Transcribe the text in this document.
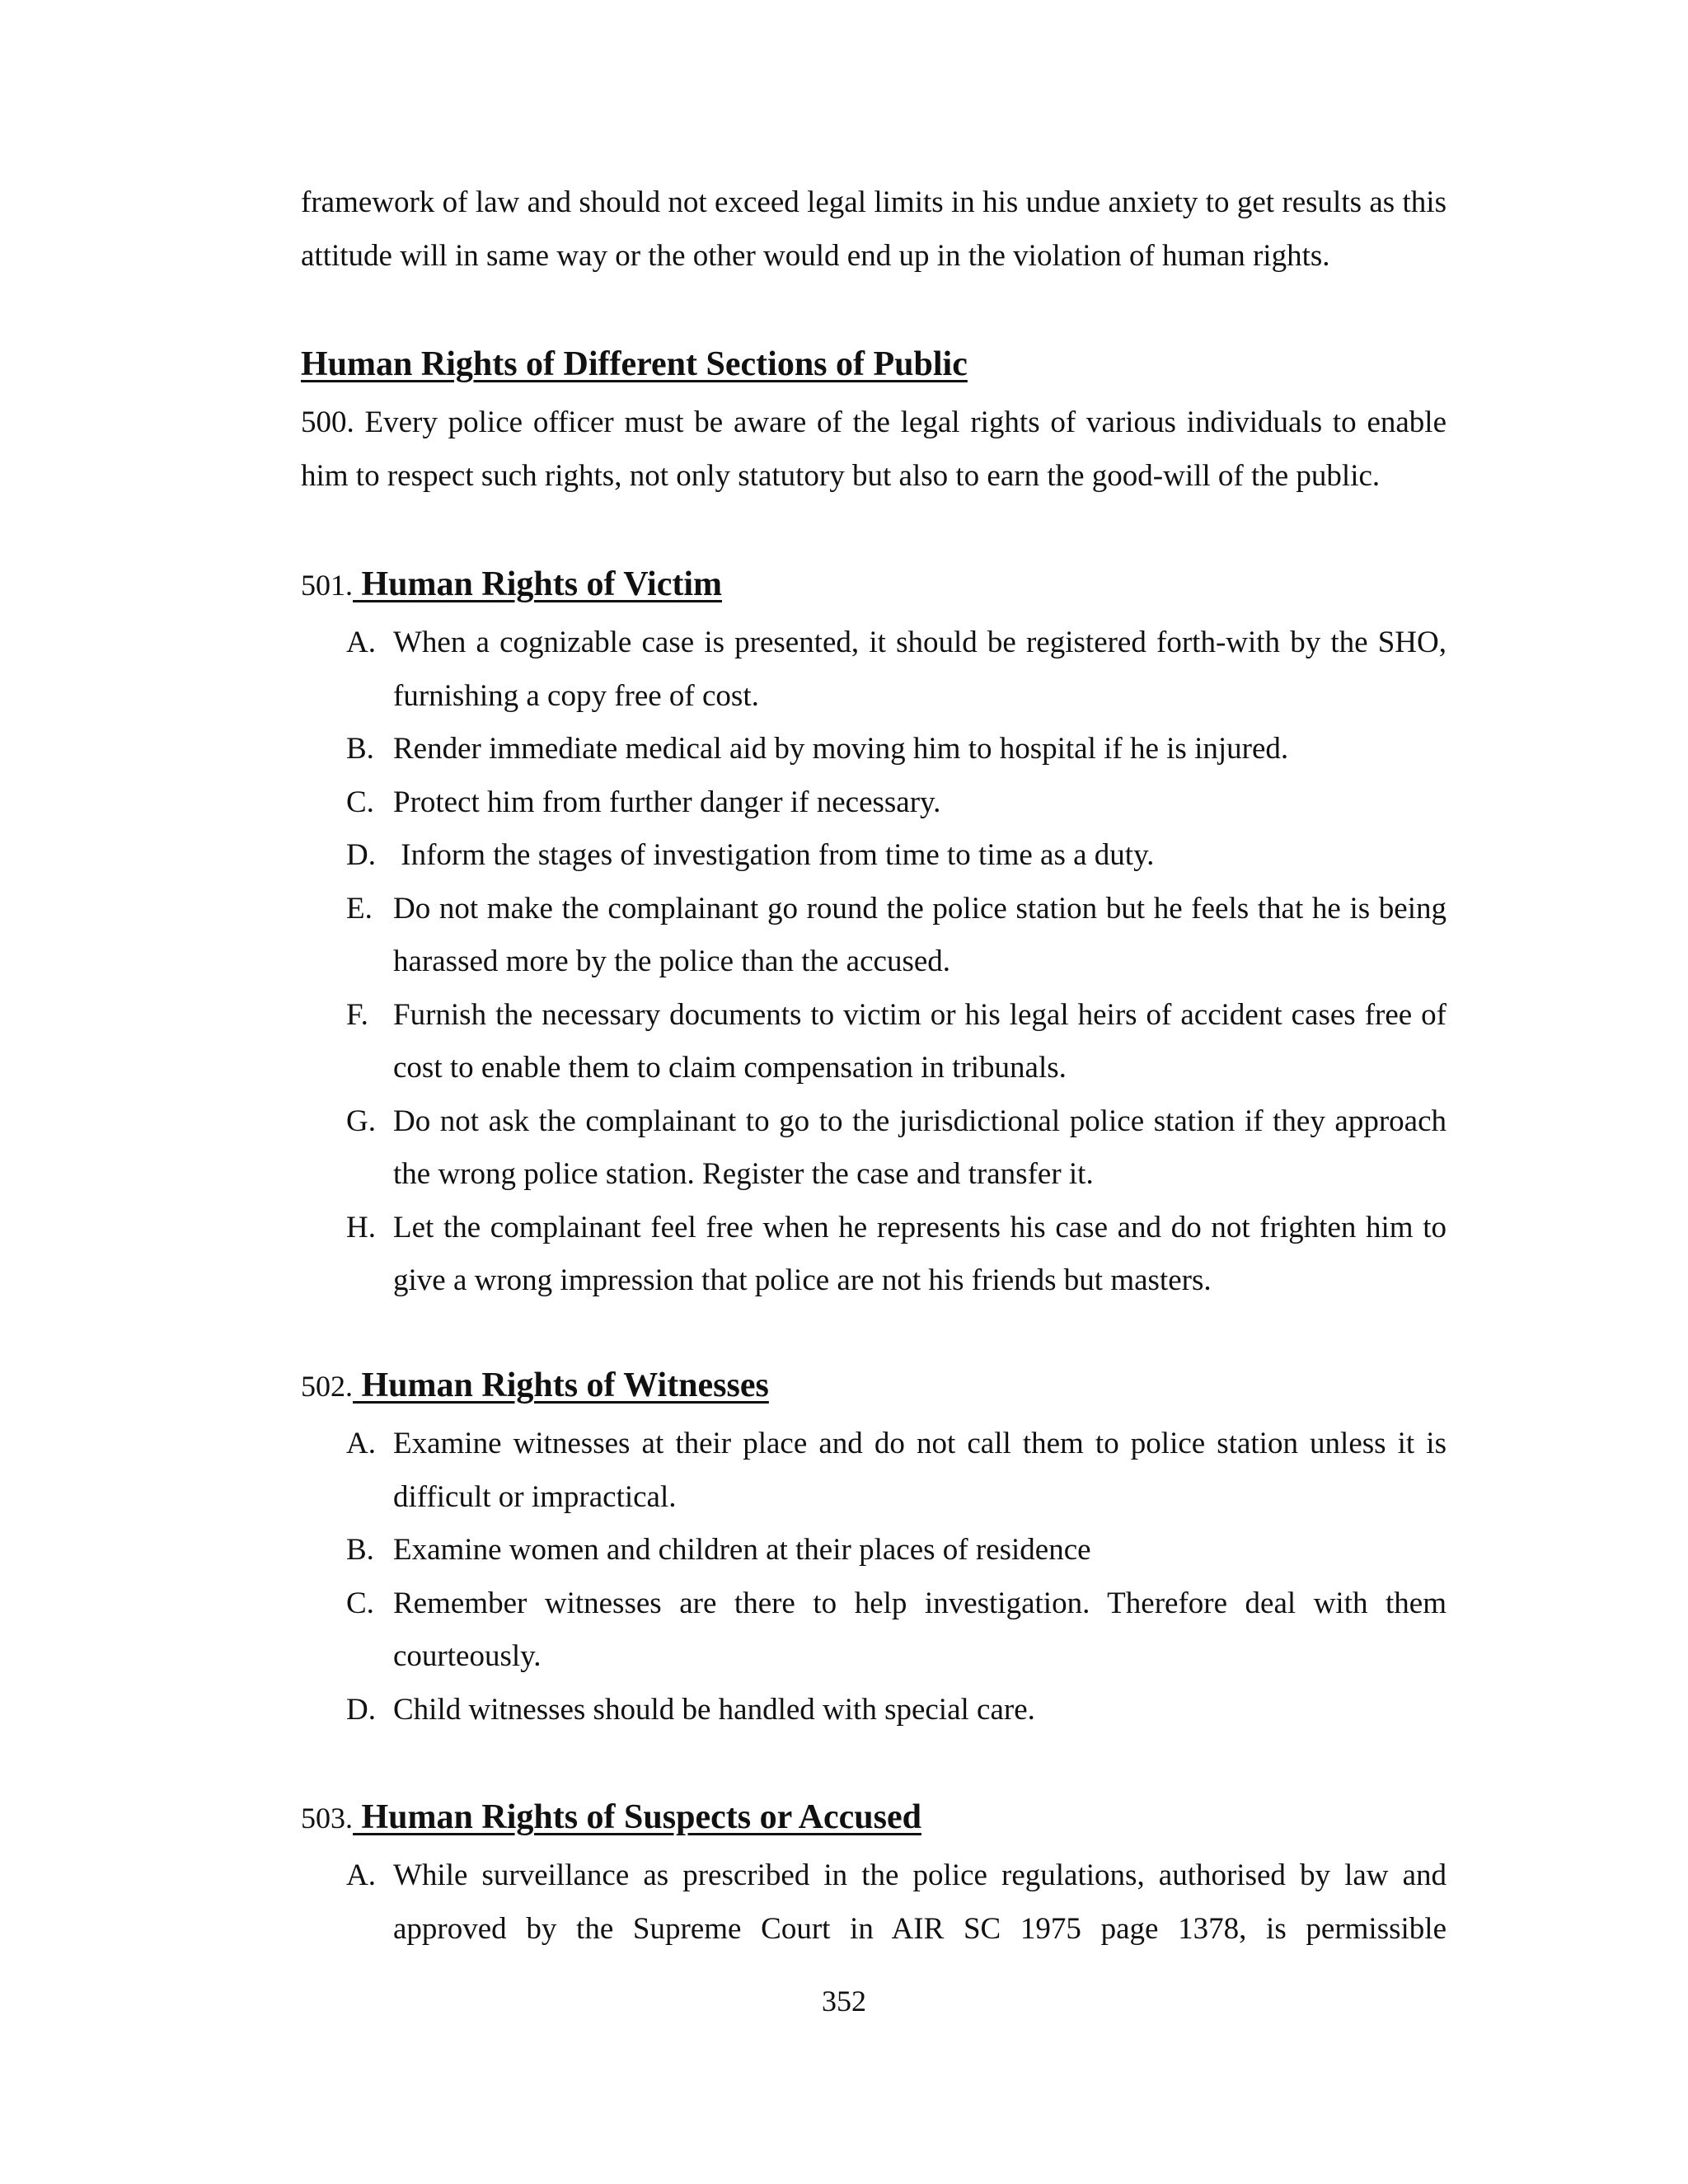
framework of law and should not exceed legal limits in his undue anxiety to get results as this attitude will in same way or the other would end up in the violation of human rights.

Human Rights of Different Sections of Public

500. Every police officer must be aware of the legal rights of various individuals to enable him to respect such rights, not only statutory but also to earn the good-will of the public.

501. Human Rights of Victim
A. When a cognizable case is presented, it should be registered forth-with by the SHO, furnishing a copy free of cost.
B. Render immediate medical aid by moving him to hospital if he is injured.
C. Protect him from further danger if necessary.
D. Inform the stages of investigation from time to time as a duty.
E. Do not make the complainant go round the police station but he feels that he is being harassed more by the police than the accused.
F. Furnish the necessary documents to victim or his legal heirs of accident cases free of cost to enable them to claim compensation in tribunals.
G. Do not ask the complainant to go to the jurisdictional police station if they approach the wrong police station. Register the case and transfer it.
H. Let the complainant feel free when he represents his case and do not frighten him to give a wrong impression that police are not his friends but masters.
502. Human Rights of Witnesses
A. Examine witnesses at their place and do not call them to police station unless it is difficult or impractical.
B. Examine women and children at their places of residence
C. Remember witnesses are there to help investigation. Therefore deal with them courteously.
D. Child witnesses should be handled with special care.
503. Human Rights of Suspects or Accused
A. While surveillance as prescribed in the police regulations, authorised by law and approved by the Supreme Court in AIR SC 1975 page 1378, is permissible
352
